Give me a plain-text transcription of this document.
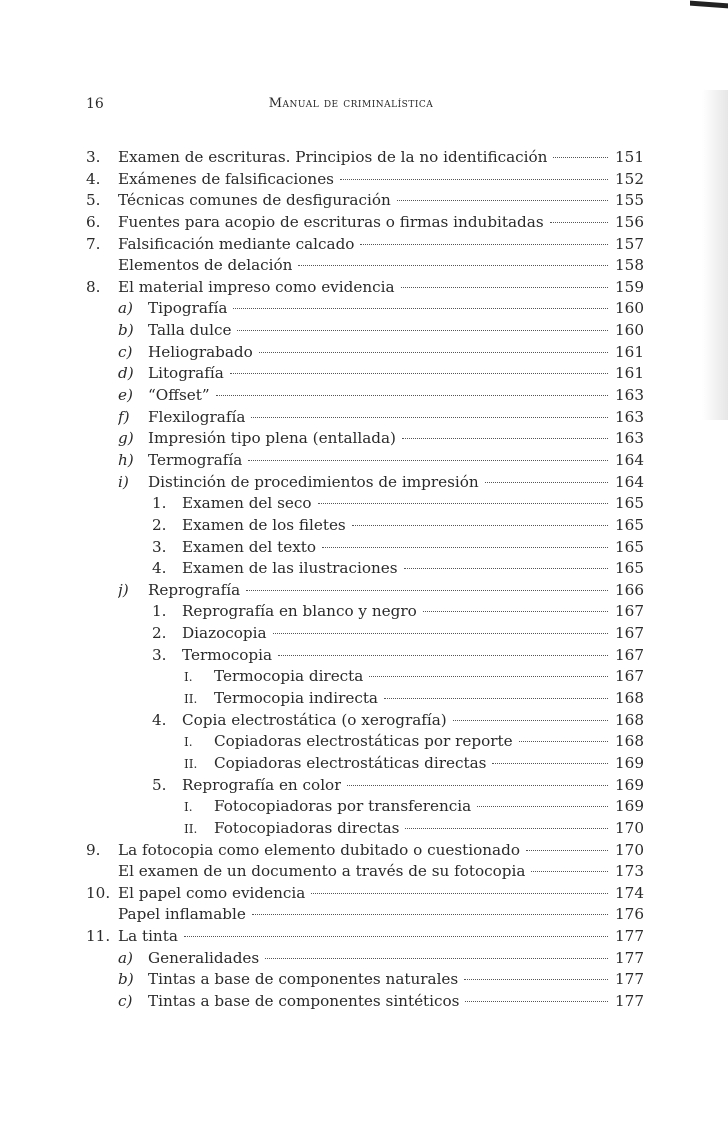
16	Manual de criminalística
3. Examen de escrituras. Principios de la no identificación	151
4. Exámenes de falsificaciones	152
5. Técnicas comunes de desfiguración	155
6. Fuentes para acopio de escrituras o firmas indubitadas	156
7. Falsificación mediante calcado	157
Elementos de delación	158
8. El material impreso como evidencia	159
a) Tipografía	160
b) Talla dulce	160
c) Heliograbado	161
d) Litografía	161
e) “Offset”	163
f) Flexilografía	163
g) Impresión tipo plena (entallada)	163
h) Termografía	164
i) Distinción de procedimientos de impresión	164
1. Examen del seco	165
2. Examen de los filetes	165
3. Examen del texto	165
4. Examen de las ilustraciones	165
j) Reprografía	166
1. Reprografía en blanco y negro	167
2. Diazocopia	167
3. Termocopia	167
I. Termocopia directa	167
II. Termocopia indirecta	168
4. Copia electrostática (o xerografía)	168
I. Copiadoras electrostáticas por reporte	168
II. Copiadoras electrostáticas directas	169
5. Reprografía en color	169
I. Fotocopiadoras por transferencia	169
II. Fotocopiadoras directas	170
9. La fotocopia como elemento dubitado o cuestionado	170
El examen de un documento a través de su fotocopia	173
10. El papel como evidencia	174
Papel inflamable	176
11. La tinta	177
a) Generalidades	177
b) Tintas a base de componentes naturales	177
c) Tintas a base de componentes sintéticos	177
